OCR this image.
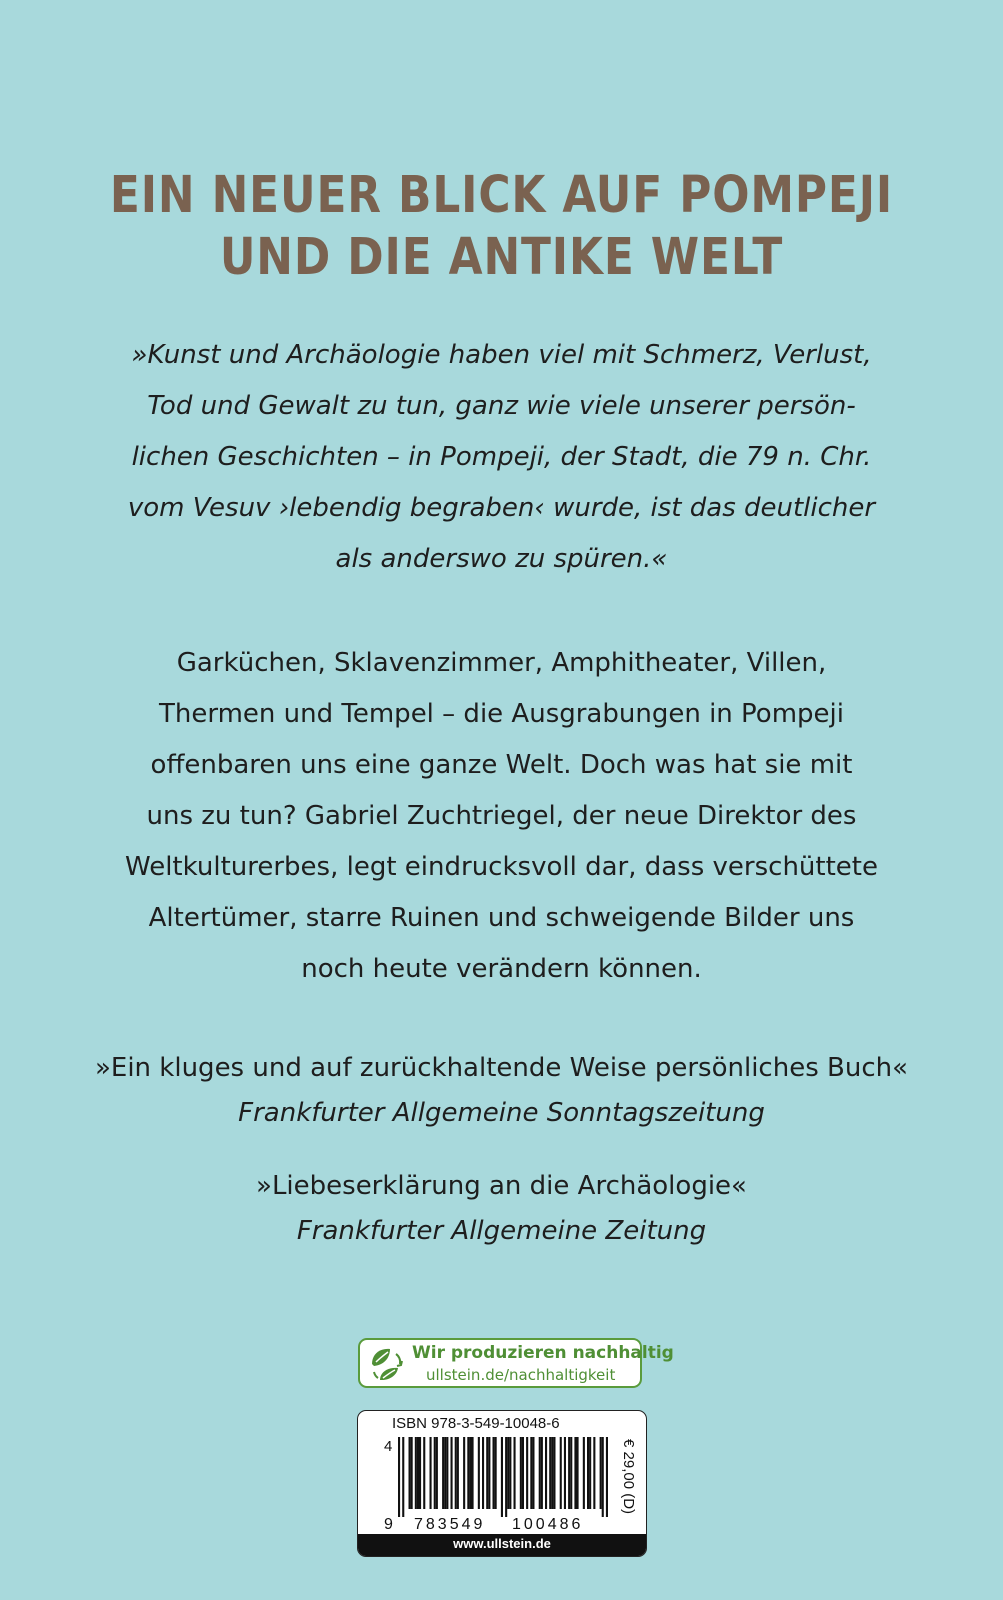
EIN NEUER BLICK AUF POMPEJI
UND DIE ANTIKE WELT
»Kunst und Archäologie haben viel mit Schmerz, Verlust,
Tod und Gewalt zu tun, ganz wie viele unserer persön-
lichen Geschichten – in Pompeji, der Stadt, die 79 n. Chr.
vom Vesuv ›lebendig begraben‹ wurde, ist das deutlicher
als anderswo zu spüren.«
Garküchen, Sklavenzimmer, Amphitheater, Villen,
Thermen und Tempel – die Ausgrabungen in Pompeji
offenbaren uns eine ganze Welt. Doch was hat sie mit
uns zu tun? Gabriel Zuchtriegel, der neue Direktor des
Weltkulturerbes, legt eindrucksvoll dar, dass verschüttete
Altertümer, starre Ruinen und schweigende Bilder uns
noch heute verändern können.
»Ein kluges und auf zurückhaltende Weise persönliches Buch«
Frankfurter Allgemeine Sonntagszeitung
»Liebeserklärung an die Archäologie«
Frankfurter Allgemeine Zeitung
Wir produzieren nachhaltig
ullstein.de/nachhaltigkeit
ISBN 978-3-549-10048-6
4
9 783549 100486
€ 29,00 (D)
www.ullstein.de
